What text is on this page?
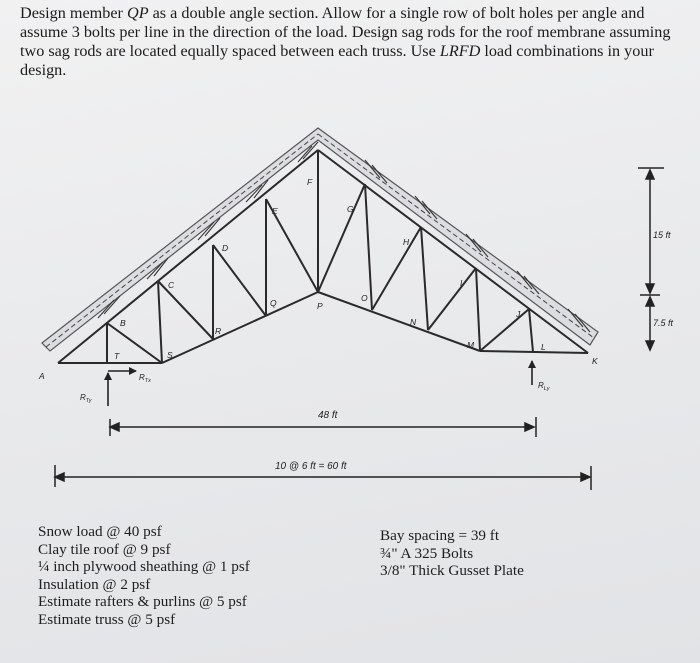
Design member QP as a double angle section. Allow for a single row of bolt holes per angle and assume 3 bolts per line in the direction of the load. Design sag rods for the roof membrane assuming two sag rods are located equally spaced between each truss. Use LRFD load combinations in your design.

A
B
C
D
E
F
G
H
I
J
K
L
M
N
O
P
Q
R
S
T
$R_{Ty}$
$R_{Tx}$	$R_{Ly}$
48 ft
10 @ 6 ft = 60 ft
15 ft
7.5 ft
Snow load @ 40 psf
Clay tile roof @ 9 psf
¼ inch plywood sheathing @ 1 psf
Insulation @ 2 psf
Estimate rafters & purlins @ 5 psf
Estimate truss @ 5 psf
Bay spacing = 39 ft
¾" A 325 Bolts
3/8" Thick Gusset Plate
